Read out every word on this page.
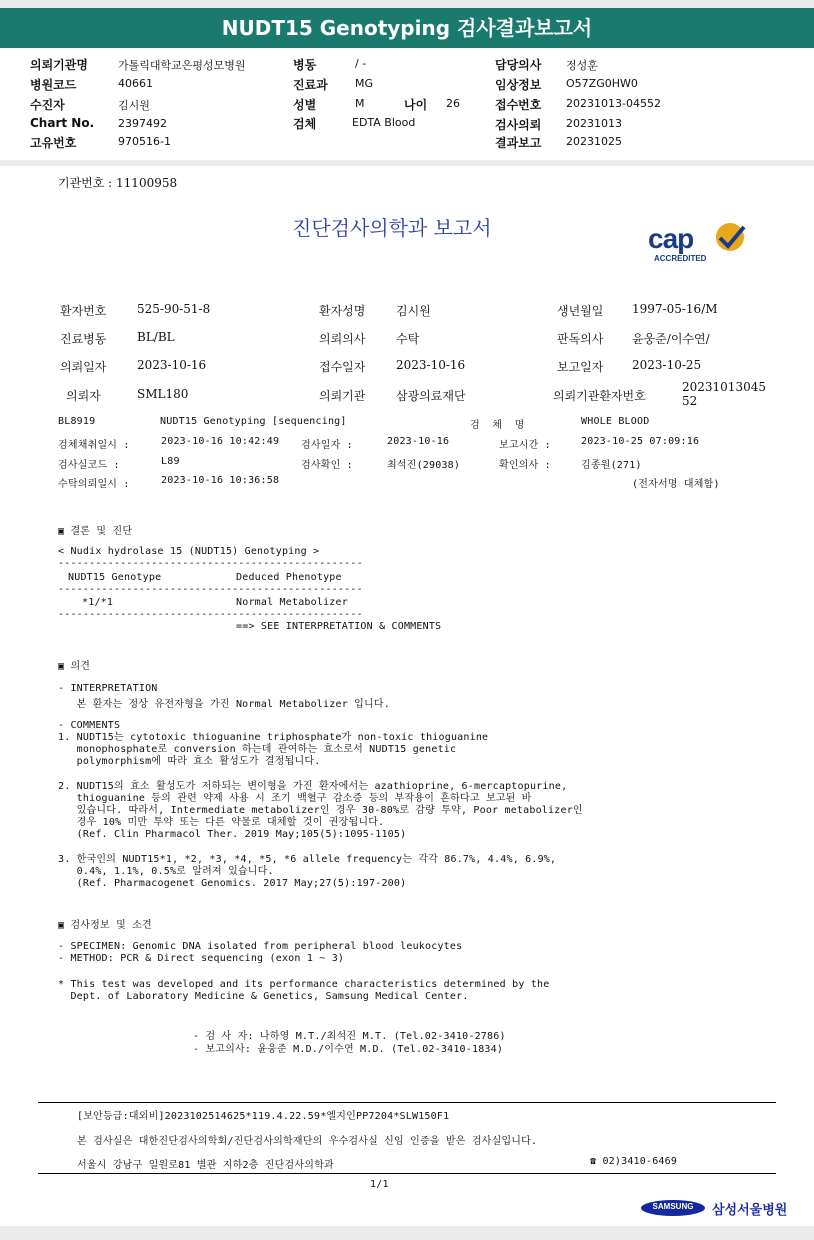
NUDT15 Genotyping 검사결과보고서
의뢰기관명	가톨릭대학교은평성모병원
병원코드	40661
수진자	김시원
Chart No. 2397492
고유번호	970516-1
병동	/ -
진료과 MG
성별	M	나이 26
검체	EDTA Blood
담당의사 정성훈
임상정보 O57ZG0HW0
접수번호 20231013-04552
검사의뢰 20231013
결과보고 20231025
기관번호 : 11100958
진단검사의학과 보고서	cap
ACCREDITED
환자번호	525-90-51-8	환자성명	김시원	생년월일 1997-05-16/M
진료병동	BL/BL	의뢰의사	수탁	판독의사 윤웅준/이수연/
의뢰일자	2023-10-16	접수일자	2023-10-16	보고일자 2023-10-25
의뢰자	SML180	의뢰기관	삼광의료재단	의뢰기관환자번호
2023101304552
BL8919	NUDT15 Genotyping [sequencing]	검  체  명	WHOLE BLOOD
검체채취일시 :	2023-10-16 10:42:49 검사일자 :	2023-10-16	보고시간 :	2023-10-25 07:09:16
검사실코드 :	L89	검사확인 :	최석진(29038)	확인의사 :	김종원(271)
수탁의뢰일시 :	2023-10-16 10:36:58	(전자서명 대체함)
▣ 결론 및 진단
< Nudix hydrolase 15 (NUDT15) Genotyping >
-------------------------------------------------
NUDT15 Genotype	Deduced Phenotype
-------------------------------------------------
*1/*1	Normal Metabolizer
-------------------------------------------------
==> SEE INTERPRETATION & COMMENTS
▣ 의견
- INTERPRETATION
본 환자는 정상 유전자형을 가진 Normal Metabolizer 입니다.
- COMMENTS
1. NUDT15는 cytotoxic thioguanine triphosphate가 non-toxic thioguanine
monophosphate로 conversion 하는데 관여하는 효소로서 NUDT15 genetic
polymorphism에 따라 효소 활성도가 결정됩니다.
2. NUDT15의 효소 활성도가 저하되는 변이형을 가진 환자에서는 azathioprine, 6-mercaptopurine,
thioguanine 등의 관련 약제 사용 시 조기 백혈구 감소증 등의 부작용이 흔하다고 보고된 바
있습니다. 따라서, Intermediate metabolizer인 경우 30-80%로 감량 투약, Poor metabolizer인
경우 10% 미만 투약 또는 다른 약물로 대체할 것이 권장됩니다.
(Ref. Clin Pharmacol Ther. 2019 May;105(5):1095-1105)
3. 한국인의 NUDT15*1, *2, *3, *4, *5, *6 allele frequency는 각각 86.7%, 4.4%, 6.9%,
0.4%, 1.1%, 0.5%로 알려져 있습니다.
(Ref. Pharmacogenet Genomics. 2017 May;27(5):197-200)
▣ 검사정보 및 소견
- SPECIMEN: Genomic DNA isolated from peripheral blood leukocytes
- METHOD: PCR & Direct sequencing (exon 1 ~ 3)
* This test was developed and its performance characteristics determined by the
Dept. of Laboratory Medicine & Genetics, Samsung Medical Center.
- 검 사 자: 나하영 M.T./최석진 M.T. (Tel.02-3410-2786)
- 보고의사: 윤웅준 M.D./이수연 M.D. (Tel.02-3410-1834)
[보안등급:대외비]2023102514625*119.4.22.59*엘지인PP7204*SLW150F1
본 검사실은 대한진단검사의학회/진단검사의학재단의 우수검사실 신임 인증을 받은 검사실입니다.
서울시 강남구 일원로81 별관 지하2층 진단검사의학과	☎ 02)3410-6469
1/1
SAMSUNG	삼성서울병원
